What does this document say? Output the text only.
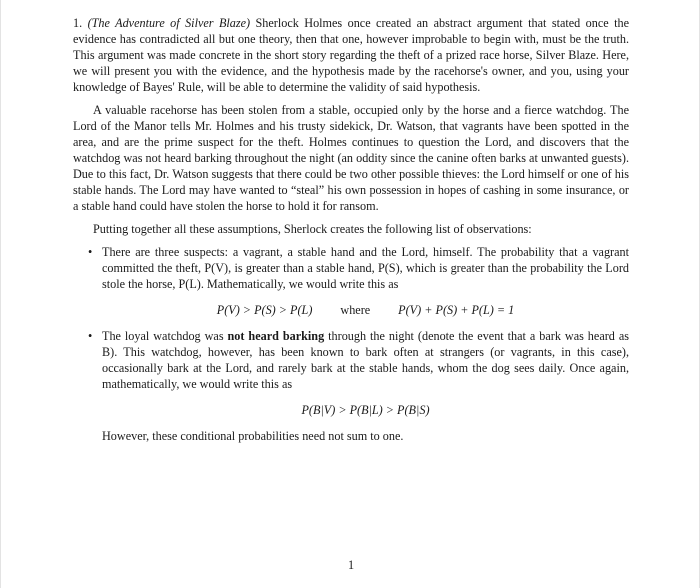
1. (The Adventure of Silver Blaze) Sherlock Holmes once created an abstract argument that stated once the evidence has contradicted all but one theory, then that one, however improbable to begin with, must be the truth. This argument was made concrete in the short story regarding the theft of a prized race horse, Silver Blaze. Here, we will present you with the evidence, and the hypothesis made by the racehorse's owner, and you, using your knowledge of Bayes' Rule, will be able to determine the validity of said hypothesis.

A valuable racehorse has been stolen from a stable, occupied only by the horse and a fierce watchdog. The Lord of the Manor tells Mr. Holmes and his trusty sidekick, Dr. Watson, that vagrants have been spotted in the area, and are the prime suspect for the theft. Holmes continues to question the Lord, and discovers that the watchdog was not heard barking throughout the night (an oddity since the canine often barks at unwanted guests). Due to this fact, Dr. Watson suggests that there could be two other possible thieves: the Lord himself or one of his stable hands. The Lord may have wanted to “steal” his own possession in hopes of cashing in some insurance, or a stable hand could have stolen the horse to hold it for ransom.

Putting together all these assumptions, Sherlock creates the following list of observations:

• There are three suspects: a vagrant, a stable hand and the Lord, himself. The probability that a vagrant committed the theft, P(V), is greater than a stable hand, P(S), which is greater than the probability the Lord stole the horse, P(L). Mathematically, we would write this as
P(V) > P(S) > P(L) where P(V) + P(S) + P(L) = 1
• The loyal watchdog was not heard barking through the night (denote the event that a bark was heard as B). This watchdog, however, has been known to bark often at strangers (or vagrants, in this case), occasionally bark at the Lord, and rarely bark at the stable hands, whom the dog sees daily. Once again, mathematically, we would write this as
P(B|V) > P(B|L) > P(B|S)

However, these conditional probabilities need not sum to one.

1
